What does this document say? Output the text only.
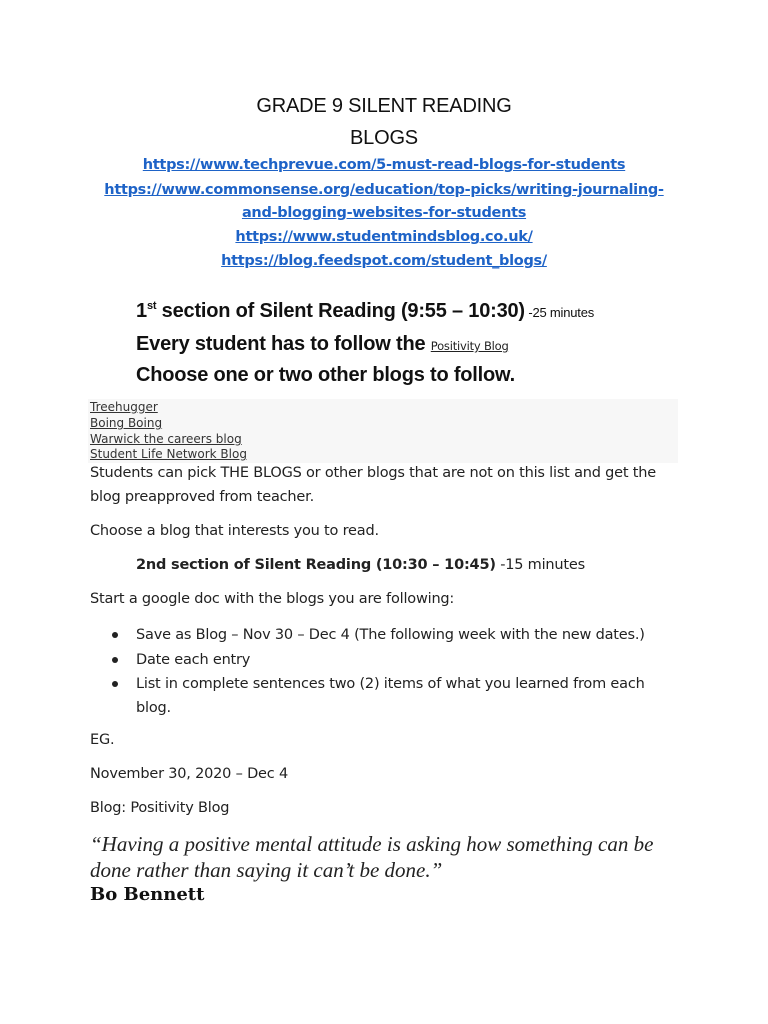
GRADE 9 SILENT READING
BLOGS
https://www.techprevue.com/5-must-read-blogs-for-students
https://www.commonsense.org/education/top-picks/writing-journaling-
and-blogging-websites-for-students
https://www.studentmindsblog.co.uk/
https://blog.feedspot.com/student_blogs/
1st section of Silent Reading (9:55 – 10:30) -25 minutes
Every student has to follow the Positivity Blog
Choose one or two other blogs to follow.
Treehugger
Boing Boing
Warwick the careers blog
Student Life Network Blog
Students can pick THE BLOGS or other blogs that are not on this list and get the
blog preapproved from teacher.
Choose a blog that interests you to read.
2nd section of Silent Reading (10:30 – 10:45) -15 minutes
Start a google doc with the blogs you are following:
Save as Blog – Nov 30 – Dec 4 (The following week with the new dates.)
Date each entry
List in complete sentences two (2) items of what you learned from each blog.
EG.
November 30, 2020 – Dec 4
Blog: Positivity Blog
“Having a positive mental attitude is asking how something can be done rather than saying it can’t be done.”
Bo Bennett
